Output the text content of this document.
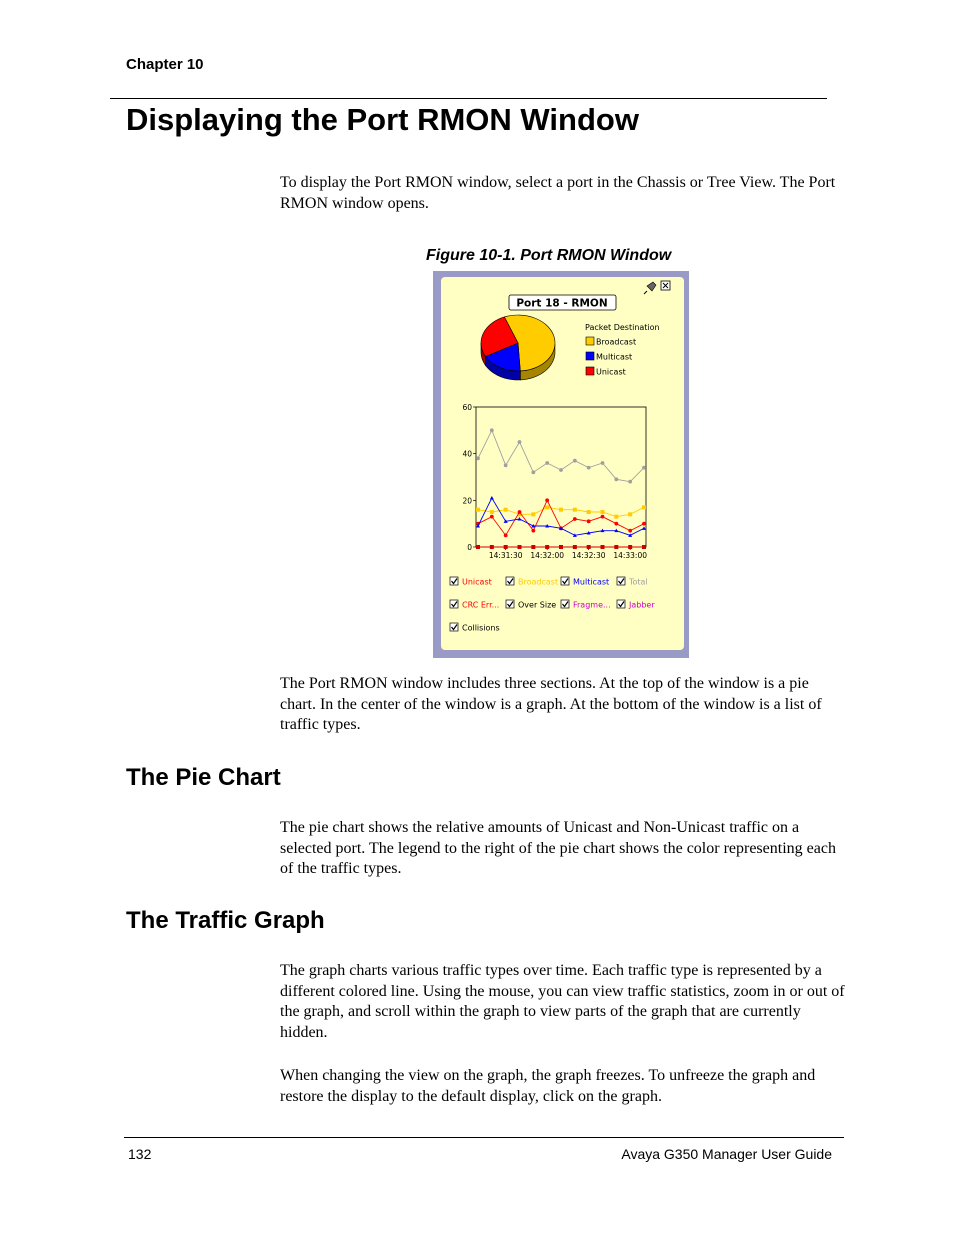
Chapter 10
Displaying the Port RMON Window

To display the Port RMON window, select a port in the Chassis or Tree View. The Port RMON window opens.

Figure 10-1. Port RMON Window
Port 18 - RMON
Packet Destination
Broadcast
Multicast
Unicast
0
20
40
60
14:31:30 14:32:00 14:32:30 14:33:00
Unicast	Broadcast Multicast Total
CRC Err... Over Size Fragme... Jabber
Collisions

The Port RMON window includes three sections. At the top of the window is a pie chart. In the center of the window is a graph. At the bottom of the window is a list of traffic types.

The Pie Chart

The pie chart shows the relative amounts of Unicast and Non-Unicast traffic on a selected port. The legend to the right of the pie chart shows the color representing each of the traffic types.

The Traffic Graph

The graph charts various traffic types over time. Each traffic type is represented by a different colored line. Using the mouse, you can view traffic statistics, zoom in or out of the graph, and scroll within the graph to view parts of the graph that are currently hidden.

When changing the view on the graph, the graph freezes. To unfreeze the graph and restore the display to the default display, click on the graph.

132	Avaya G350 Manager User Guide
